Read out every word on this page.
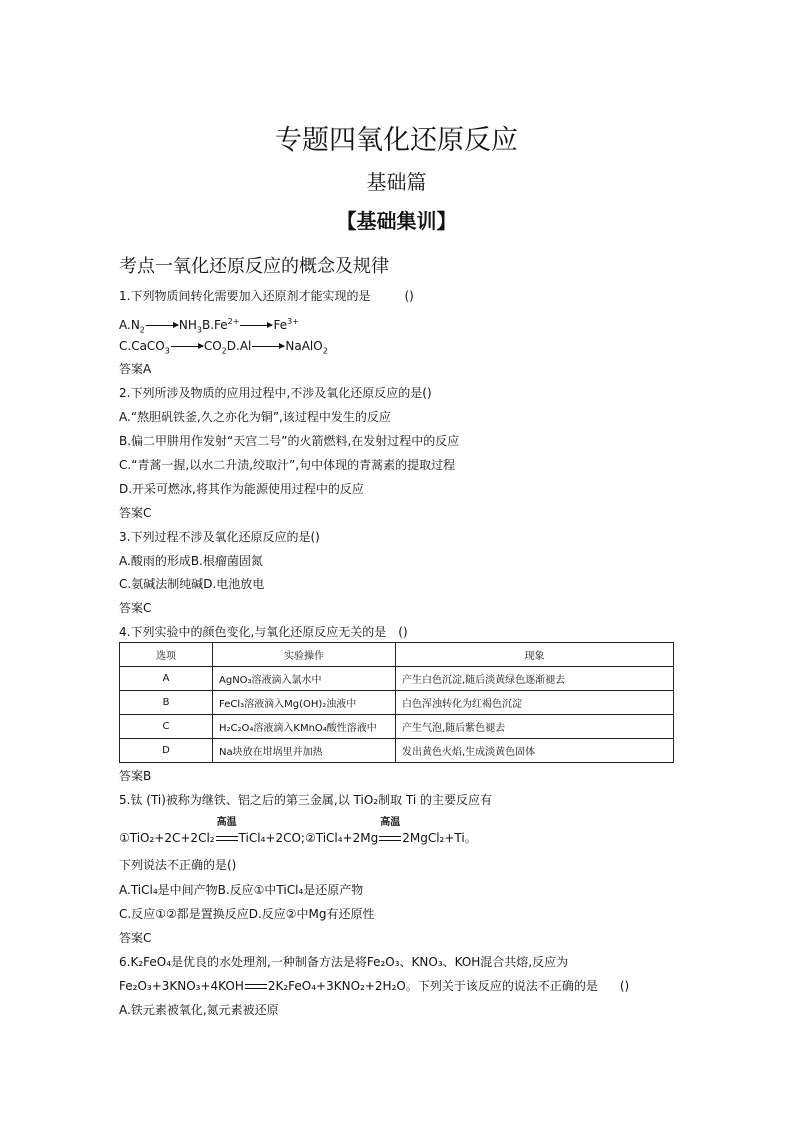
专题四氧化还原反应
基础篇
【基础集训】
考点一氧化还原反应的概念及规律
1.下列物质间转化需要加入还原剂才能实现的是	()
$A.N_2$	$NH_3B.Fe^{2+}$	$Fe^{3+}$
C.CaCO$_3$	$CO_2D.Al$	NaAlO$_2$
答案A
2.下列所涉及物质的应用过程中,不涉及氧化还原反应的是()
A.“熬胆矾铁釜,久之亦化为铜”,该过程中发生的反应
B.偏二甲肼用作发射“天宫二号”的火箭燃料,在发射过程中的反应
C.“青蒿一握,以水二升渍,绞取汁”,句中体现的青蒿素的提取过程
D.开采可燃冰,将其作为能源使用过程中的反应
答案C
3.下列过程不涉及氧化还原反应的是()
A.酸雨的形成B.根瘤菌固氮
C.氨碱法制纯碱D.电池放电
答案C
4.下列实验中的颜色变化,与氧化还原反应无关的是 ()
选项	实验操作	现象
A	AgNO₃溶液滴入氯水中	产生白色沉淀,随后淡黄绿色逐渐褪去
B	FeCl₃溶液滴入Mg(OH)₂浊液中	白色浑浊转化为红褐色沉淀
C	H₂C₂O₄溶液滴入KMnO₄酸性溶液中	产生气泡,随后紫色褪去
D	Na块放在坩埚里并加热	发出黄色火焰,生成淡黄色固体
答案B
5.钛 (Ti)被称为继铁、铝之后的第三金属,以 TiO₂制取 Ti 的主要反应有
①TiO₂+2C+2Cl₂
高温
TiCl₄+2CO;②TiCl₄+2Mg
高温
2MgCl₂+Ti。
下列说法不正确的是()
A.TiCl₄是中间产物B.反应①中TiCl₄是还原产物
C.反应①②都是置换反应D.反应②中Mg有还原性
答案C
6.K₂FeO₄是优良的水处理剂,一种制备方法是将Fe₂O₃、KNO₃、KOH混合共熔,反应为
Fe₂O₃+3KNO₃+4KOH 2K₂FeO₄+3KNO₂+2H₂O。下列关于该反应的说法不正确的是 ()
A.铁元素被氧化,氮元素被还原
